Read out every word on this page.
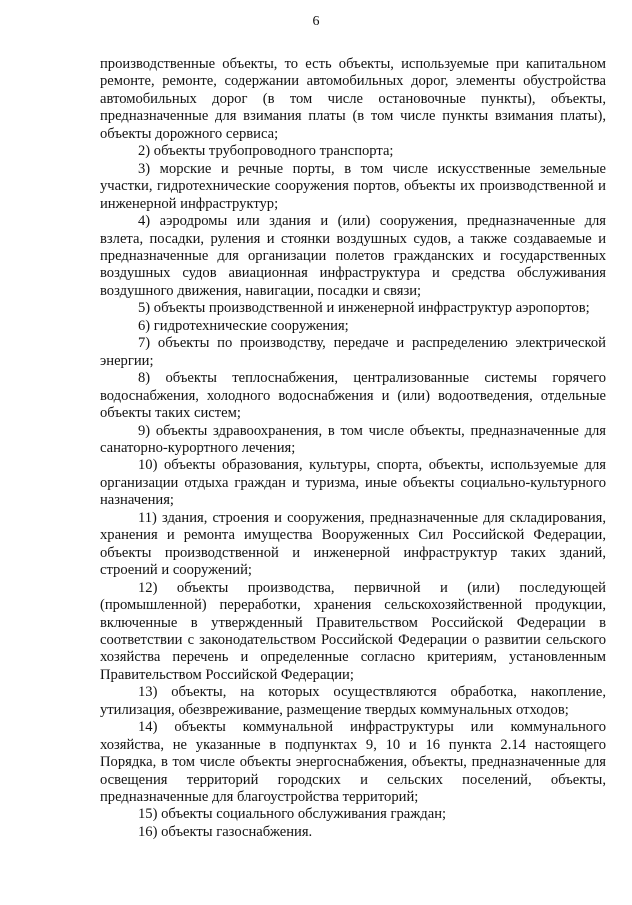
6

производственные объекты, то есть объекты, используемые при капитальном ремонте, ремонте, содержании автомобильных дорог, элементы обустройства автомобильных дорог (в том числе остановочные пункты), объекты, предназначенные для взимания платы (в том числе пункты взимания платы), объекты дорожного сервиса;

2) объекты трубопроводного транспорта;

3) морские и речные порты, в том числе искусственные земельные участки, гидротехнические сооружения портов, объекты их производственной и инженерной инфраструктур;

4) аэродромы или здания и (или) сооружения, предназначенные для взлета, посадки, руления и стоянки воздушных судов, а также создаваемые и предназначенные для организации полетов гражданских и государственных воздушных судов авиационная инфраструктура и средства обслуживания воздушного движения, навигации, посадки и связи;

5) объекты производственной и инженерной инфраструктур аэропортов;

6) гидротехнические сооружения;

7) объекты по производству, передаче и распределению электрической энергии;

8) объекты теплоснабжения, централизованные системы горячего водоснабжения, холодного водоснабжения и (или) водоотведения, отдельные объекты таких систем;

9) объекты здравоохранения, в том числе объекты, предназначенные для санаторно-курортного лечения;

10) объекты образования, культуры, спорта, объекты, используемые для организации отдыха граждан и туризма, иные объекты социально-культурного назначения;

11) здания, строения и сооружения, предназначенные для складирования, хранения и ремонта имущества Вооруженных Сил Российской Федерации, объекты производственной и инженерной инфраструктур таких зданий, строений и сооружений;

12) объекты производства, первичной и (или) последующей (промышленной) переработки, хранения сельскохозяйственной продукции, включенные в утвержденный Правительством Российской Федерации в соответствии с законодательством Российской Федерации о развитии сельского хозяйства перечень и определенные согласно критериям, установленным Правительством Российской Федерации;

13) объекты, на которых осуществляются обработка, накопление, утилизация, обезвреживание, размещение твердых коммунальных отходов;

14) объекты коммунальной инфраструктуры или коммунального хозяйства, не указанные в подпунктах 9, 10 и 16 пункта 2.14 настоящего Порядка, в том числе объекты энергоснабжения, объекты, предназначенные для освещения территорий городских и сельских поселений, объекты, предназначенные для благоустройства территорий;

15) объекты социального обслуживания граждан;

16) объекты газоснабжения.
